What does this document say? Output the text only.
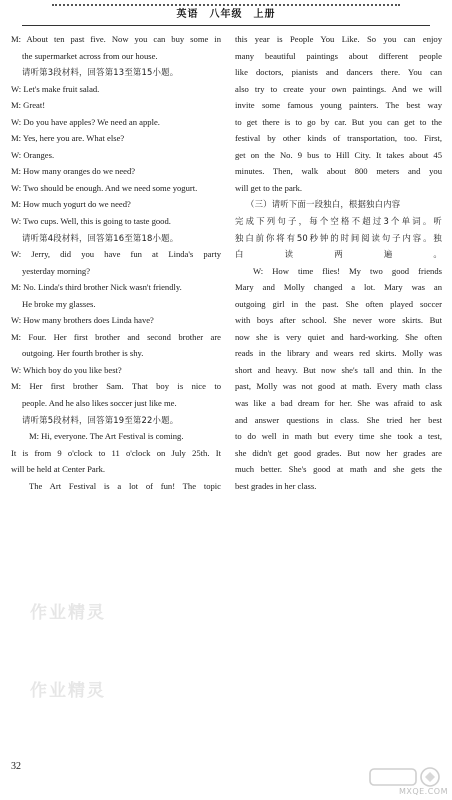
英语　八年级　上册
M: About ten past five. Now you can buy some in
the supermarket across from our house.
请听第3段材料，回答第13至第15小题。
W: Let's make fruit salad.
M: Great!
W: Do you have apples? We need an apple.
M: Yes, here you are. What else?
W: Oranges.
M: How many oranges do we need?
W: Two should be enough. And we need some yogurt.
M: How much yogurt do we need?
W: Two cups. Well, this is going to taste good.
请听第4段材料，回答第16至第18小题。
W: Jerry, did you have fun at Linda's party
yesterday morning?
M: No. Linda's third brother Nick wasn't friendly.
He broke my glasses.
W: How many brothers does Linda have?
M: Four. Her first brother and second brother are
outgoing. Her fourth brother is shy.
W: Which boy do you like best?
M: Her first brother Sam. That boy is nice to
people. And he also likes soccer just like me.
请听第5段材料，回答第19至第22小题。
M: Hi, everyone. The Art Festival is coming.
It is from 9 o'clock to 11 o'clock on July 25th. It
will be held at Center Park.
The Art Festival is a lot of fun! The topic
this year is People You Like. So you can enjoy
many beautiful paintings about different people
like doctors, pianists and dancers there. You can
also try to create your own paintings. And we will
invite some famous young painters. The best way
to get there is to go by car. But you can get to the
festival by other kinds of transportation, too. First,
get on the No. 9 bus to Hill City. It takes about 45
minutes. Then, walk about 800 meters and you
will get to the park.
（三）请听下面一段独白，根据独白内容
完成下列句子，每个空格不超过3个单词。听
独白前你将有50秒钟的时间阅读句子内容。独
白读两遍。
W: How time flies! My two good friends
Mary and Molly changed a lot. Mary was an
outgoing girl in the past. She often played soccer
with boys after school. She never wore skirts. But
now she is very quiet and hard-working. She often
reads in the library and wears red skirts. Molly was
short and heavy. But now she's tall and thin. In the
past, Molly was not good at math. Every math class
was like a bad dream for her. She was afraid to ask
and answer questions in class. She tried her best
to do well in math but every time she took a test,
she didn't get good grades. But now her grades are
much better. She's good at math and she gets the
best grades in her class.
作业精灵
作业精灵
32
MXQE.COM
